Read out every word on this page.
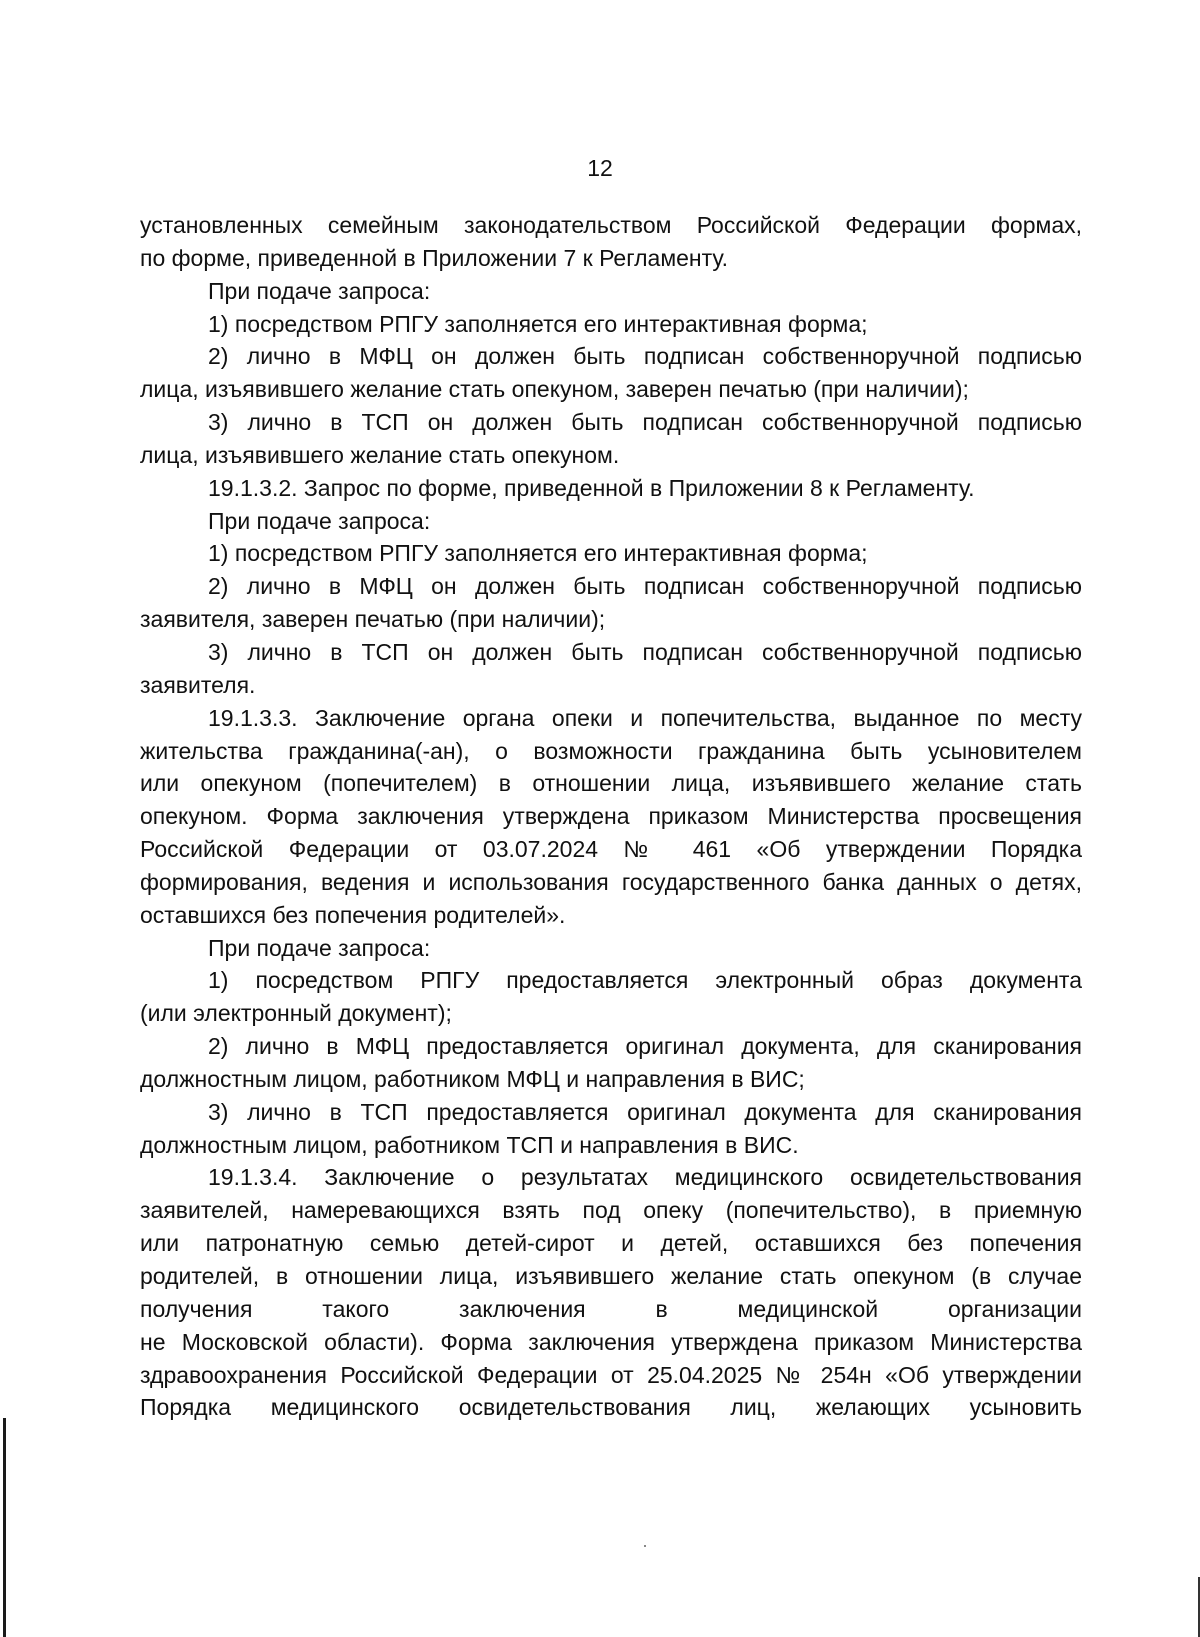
12
установленных семейным законодательством Российской Федерации формах,
по форме, приведенной в Приложении 7 к Регламенту.
При подаче запроса:
1) посредством РПГУ заполняется его интерактивная форма;
2) лично в МФЦ он должен быть подписан собственноручной подписью
лица, изъявившего желание стать опекуном, заверен печатью (при наличии);
3) лично в ТСП он должен быть подписан собственноручной подписью
лица, изъявившего желание стать опекуном.
19.1.3.2. Запрос по форме, приведенной в Приложении 8 к Регламенту.
При подаче запроса:
1) посредством РПГУ заполняется его интерактивная форма;
2) лично в МФЦ он должен быть подписан собственноручной подписью
заявителя, заверен печатью (при наличии);
3) лично в ТСП он должен быть подписан собственноручной подписью
заявителя.
19.1.3.3. Заключение органа опеки и попечительства, выданное по месту
жительства гражданина(-ан), о возможности гражданина быть усыновителем
или опекуном (попечителем) в отношении лица, изъявившего желание стать
опекуном. Форма заключения утверждена приказом Министерства просвещения
Российской Федерации от 03.07.2024 № 461 «Об утверждении Порядка
формирования, ведения и использования государственного банка данных о детях,
оставшихся без попечения родителей».
При подаче запроса:
1) посредством РПГУ предоставляется электронный образ документа
(или электронный документ);
2) лично в МФЦ предоставляется оригинал документа, для сканирования
должностным лицом, работником МФЦ и направления в ВИС;
3) лично в ТСП предоставляется оригинал документа для сканирования
должностным лицом, работником ТСП и направления в ВИС.
19.1.3.4. Заключение о результатах медицинского освидетельствования
заявителей, намеревающихся взять под опеку (попечительство), в приемную
или патронатную семью детей-сирот и детей, оставшихся без попечения
родителей, в отношении лица, изъявившего желание стать опекуном (в случае
получения такого заключения в медицинской организации
не Московской области). Форма заключения утверждена приказом Министерства
здравоохранения Российской Федерации от 25.04.2025 № 254н «Об утверждении
Порядка медицинского освидетельствования лиц, желающих усыновить
